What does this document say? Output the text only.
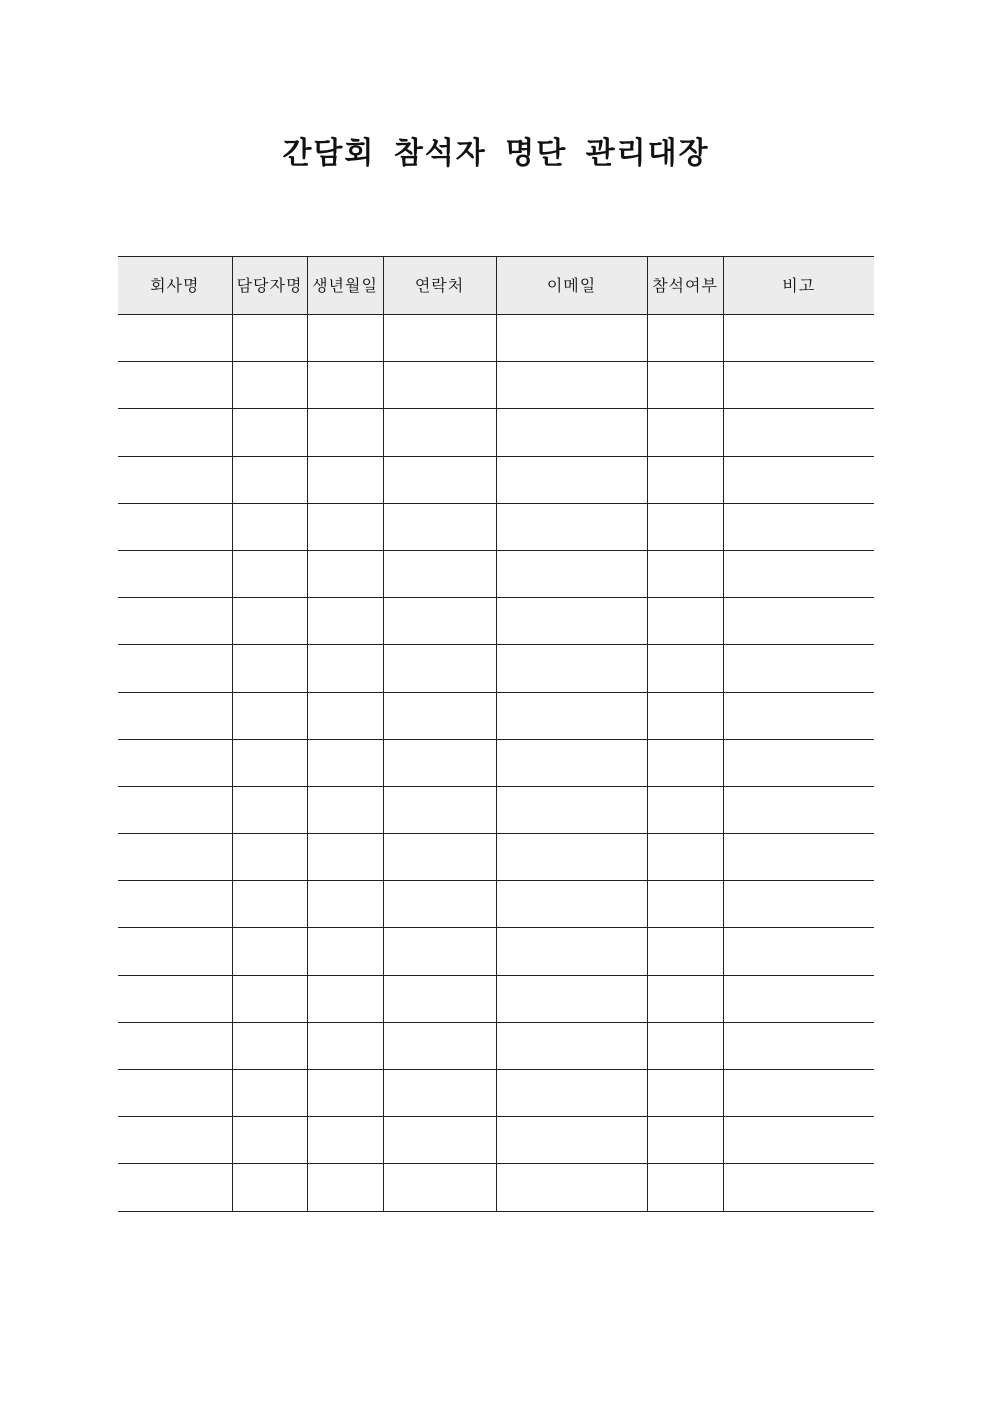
간담회 참석자 명단 관리대장
회사명	담당자명	생년월일	연락처	이메일	참석여부	비고
